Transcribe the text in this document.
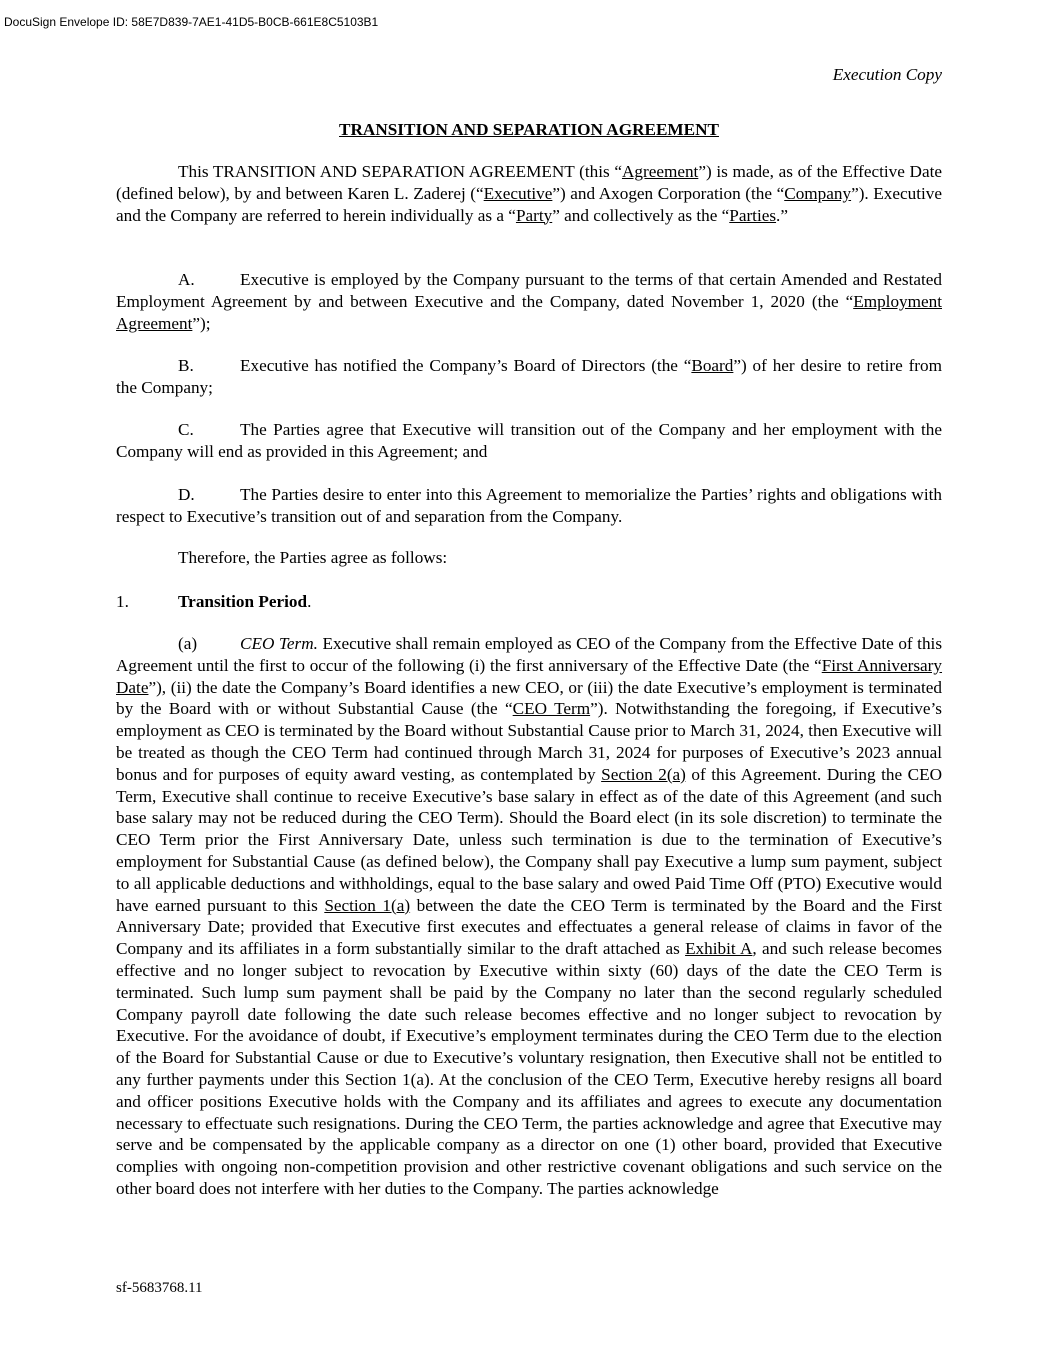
DocuSign Envelope ID: 58E7D839-7AE1-41D5-B0CB-661E8C5103B1
Execution Copy
TRANSITION AND SEPARATION AGREEMENT

This TRANSITION AND SEPARATION AGREEMENT (this “Agreement”) is made, as of the Effective Date (defined below), by and between Karen L. Zaderej (“Executive”) and Axogen Corporation (the “Company”). Executive and the Company are referred to herein individually as a “Party” and collectively as the “Parties.”

A.	Executive is employed by the Company pursuant to the terms of that certain Amended and Restated Employment Agreement by and between Executive and the Company, dated November 1, 2020 (the “Employment Agreement”);

B.	Executive has notified the Company’s Board of Directors (the “Board”) of her desire to retire from the Company;

C.	The Parties agree that Executive will transition out of the Company and her employment with the Company will end as provided in this Agreement; and

D.	The Parties desire to enter into this Agreement to memorialize the Parties’ rights and obligations with respect to Executive’s transition out of and separation from the Company.

Therefore, the Parties agree as follows:

1.	Transition Period.

(a) CEO Term. Executive shall remain employed as CEO of the Company from the Effective Date of this Agreement until the first to occur of the following (i) the first anniversary of the Effective Date (the “First Anniversary Date”), (ii) the date the Company’s Board identifies a new CEO, or (iii) the date Executive’s employment is terminated by the Board with or without Substantial Cause (the “CEO Term”). Notwithstanding the foregoing, if Executive’s employment as CEO is terminated by the Board without Substantial Cause prior to March 31, 2024, then Executive will be treated as though the CEO Term had continued through March 31, 2024 for purposes of Executive’s 2023 annual bonus and for purposes of equity award vesting, as contemplated by Section 2(a) of this Agreement. During the CEO Term, Executive shall continue to receive Executive’s base salary in effect as of the date of this Agreement (and such base salary may not be reduced during the CEO Term). Should the Board elect (in its sole discretion) to terminate the CEO Term prior the First Anniversary Date, unless such termination is due to the termination of Executive’s employment for Substantial Cause (as defined below), the Company shall pay Executive a lump sum payment, subject to all applicable deductions and withholdings, equal to the base salary and owed Paid Time Off (PTO) Executive would have earned pursuant to this Section 1(a) between the date the CEO Term is terminated by the Board and the First Anniversary Date; provided that Executive first executes and effectuates a general release of claims in favor of the Company and its affiliates in a form substantially similar to the draft attached as Exhibit A, and such release becomes effective and no longer subject to revocation by Executive within sixty (60) days of the date the CEO Term is terminated. Such lump sum payment shall be paid by the Company no later than the second regularly scheduled Company payroll date following the date such release becomes effective and no longer subject to revocation by Executive. For the avoidance of doubt, if Executive’s employment terminates during the CEO Term due to the election of the Board for Substantial Cause or due to Executive’s voluntary resignation, then Executive shall not be entitled to any further payments under this Section 1(a). At the conclusion of the CEO Term, Executive hereby resigns all board and officer positions Executive holds with the Company and its affiliates and agrees to execute any documentation necessary to effectuate such resignations. During the CEO Term, the parties acknowledge and agree that Executive may serve and be compensated by the applicable company as a director on one (1) other board, provided that Executive complies with ongoing non-competition provision and other restrictive covenant obligations and such service on the other board does not interfere with her duties to the Company. The parties acknowledge

sf-5683768.11
